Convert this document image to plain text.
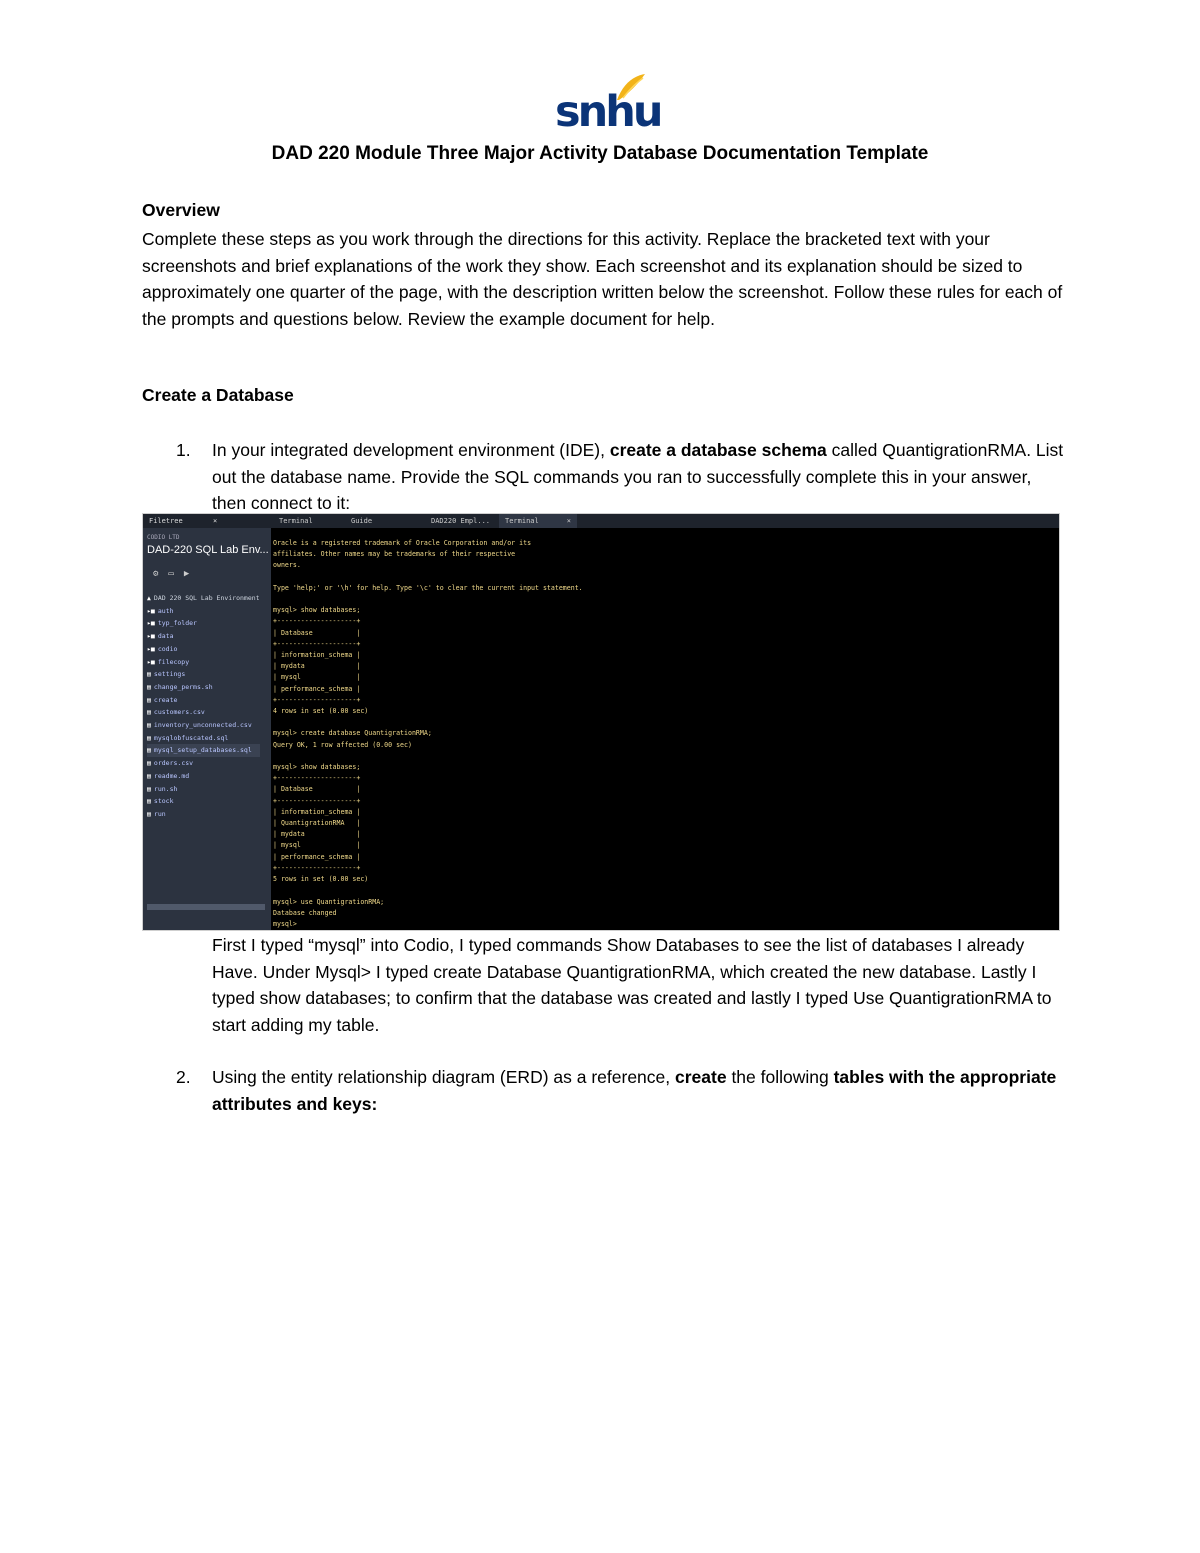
snhu
DAD 220 Module Three Major Activity Database Documentation Template
Overview
Complete these steps as you work through the directions for this activity. Replace the bracketed text with your screenshots and brief explanations of the work they show. Each screenshot and its explanation should be sized to approximately one quarter of the page, with the description written below the screenshot. Follow these rules for each of the prompts and questions below. Review the example document for help.
Create a Database
1. In your integrated development environment (IDE), create a database schema called QuantigrationRMA. List out the database name. Provide the SQL commands you ran to successfully complete this in your answer, then connect to it:
Filetree	×
CODIO LTD
DAD-220 SQL Lab Env...
⚙▭▶
▲ DAD 220 SQL Lab Environment
▸■ auth
▸■ typ_folder
▸■ data
▸■ codio
▸■ filecopy
▤ settings
▤ change_perms.sh
▤ create
▤ customers.csv
▤ inventory_unconnected.csv
▤ mysqlobfuscated.sql
▤ mysql_setup_databases.sql
▤ orders.csv
▤ readme.md
▤ run.sh
▤ stock
▤ run
Terminal	Guide	DAD220 Empl...	Terminal	×
Oracle is a registered trademark of Oracle Corporation and/or its
affiliates. Other names may be trademarks of their respective
owners.

Type 'help;' or '\h' for help. Type '\c' to clear the current input statement.

mysql> show databases;
+--------------------+
| Database           |
+--------------------+
| information_schema |
| mydata             |
| mysql              |
| performance_schema |
+--------------------+
4 rows in set (0.00 sec)

mysql> create database QuantigrationRMA;
Query OK, 1 row affected (0.00 sec)

mysql> show databases;
+--------------------+
| Database           |
+--------------------+
| information_schema |
| QuantigrationRMA   |
| mydata             |
| mysql              |
| performance_schema |
+--------------------+
5 rows in set (0.00 sec)

mysql> use QuantigrationRMA;
Database changed
mysql>
First I typed “mysql” into Codio, I typed commands Show Databases to see the list of databases I already Have. Under Mysql> I typed create Database QuantigrationRMA, which created the new database. Lastly I typed show databases; to confirm that the database was created and lastly I typed Use QuantigrationRMA to start adding my table.
2. Using the entity relationship diagram (ERD) as a reference, create the following tables with the appropriate attributes and keys:
